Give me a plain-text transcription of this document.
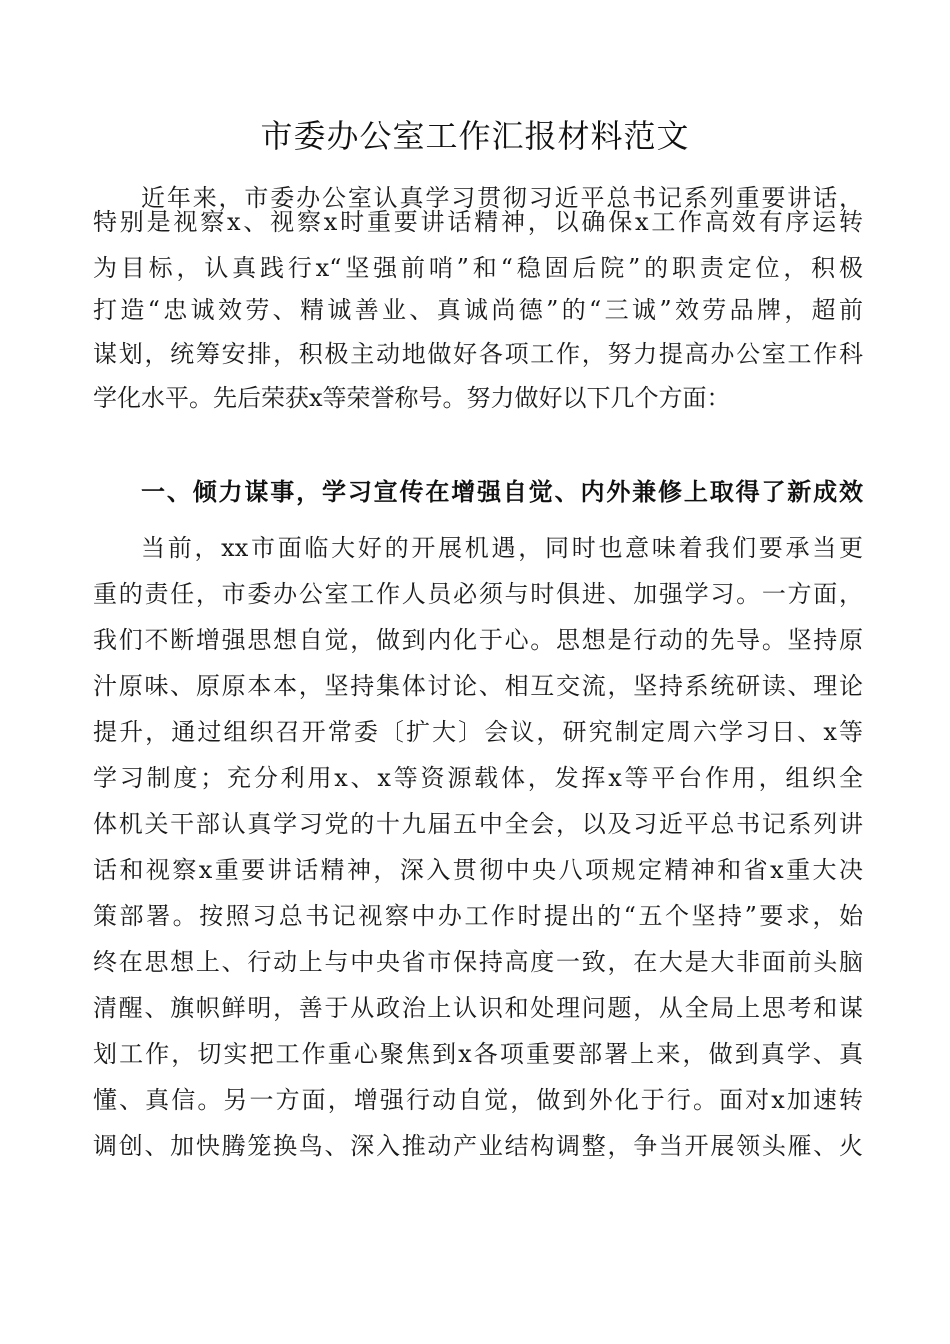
市委办公室工作汇报材料范文
近年来，市委办公室认真学习贯彻习近平总书记系列重要讲话，
特别是视察x、视察x时重要讲话精神，以确保x工作高效有序运转
为目标，认真践行x“坚强前哨”和“稳固后院”的职责定位，积极
打造“忠诚效劳、精诚善业、真诚尚德”的“三诚”效劳品牌，超前
谋划，统筹安排，积极主动地做好各项工作，努力提高办公室工作科
学化水平。先后荣获x等荣誉称号。努力做好以下几个方面：
一、倾力谋事，学习宣传在增强自觉、内外兼修上取得了新成效
当前，xx市面临大好的开展机遇，同时也意味着我们要承当更
重的责任，市委办公室工作人员必须与时俱进、加强学习。一方面，
我们不断增强思想自觉，做到内化于心。思想是行动的先导。坚持原
汁原味、原原本本，坚持集体讨论、相互交流，坚持系统研读、理论
提升，通过组织召开常委〔扩大〕会议，研究制定周六学习日、x等
学习制度；充分利用x、x等资源载体，发挥x等平台作用，组织全
体机关干部认真学习党的十九届五中全会，以及习近平总书记系列讲
话和视察x重要讲话精神，深入贯彻中央八项规定精神和省x重大决
策部署。按照习总书记视察中办工作时提出的“五个坚持”要求，始
终在思想上、行动上与中央省市保持高度一致，在大是大非面前头脑
清醒、旗帜鲜明，善于从政治上认识和处理问题，从全局上思考和谋
划工作，切实把工作重心聚焦到x各项重要部署上来，做到真学、真
懂、真信。另一方面，增强行动自觉，做到外化于行。面对x加速转
调创、加快腾笼换鸟、深入推动产业结构调整，争当开展领头雁、火
